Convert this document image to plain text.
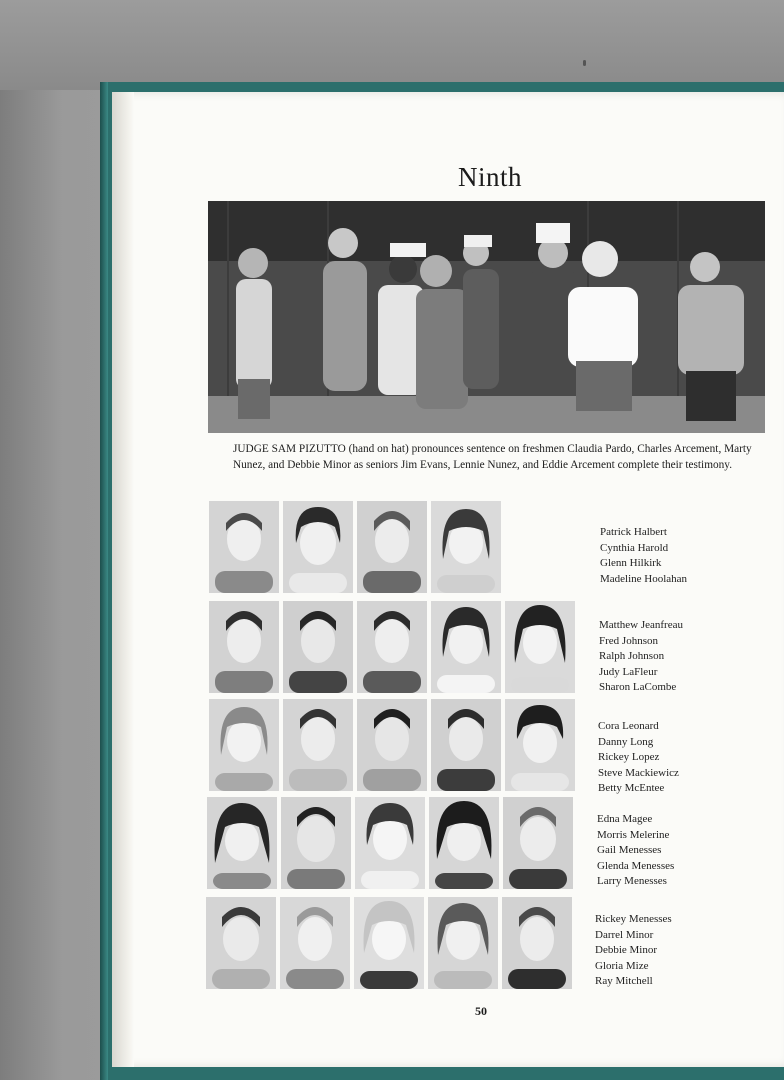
Ninth
JUDGE SAM PIZUTTO (hand on hat) pronounces sentence on freshmen Claudia Pardo, Charles Arcement, Marty Nunez, and Debbie Minor as seniors Jim Evans, Lennie Nunez, and Eddie Arcement complete their testimony.
Patrick Halbert
Cynthia Harold
Glenn Hilkirk
Madeline Hoolahan
Matthew Jeanfreau
Fred Johnson
Ralph Johnson
Judy LaFleur
Sharon LaCombe
Cora Leonard
Danny Long
Rickey Lopez
Steve Mackiewicz
Betty McEntee
Edna Magee
Morris Melerine
Gail Menesses
Glenda Menesses
Larry Menesses
Rickey Menesses
Darrel Minor
Debbie Minor
Gloria Mize
Ray Mitchell
50
